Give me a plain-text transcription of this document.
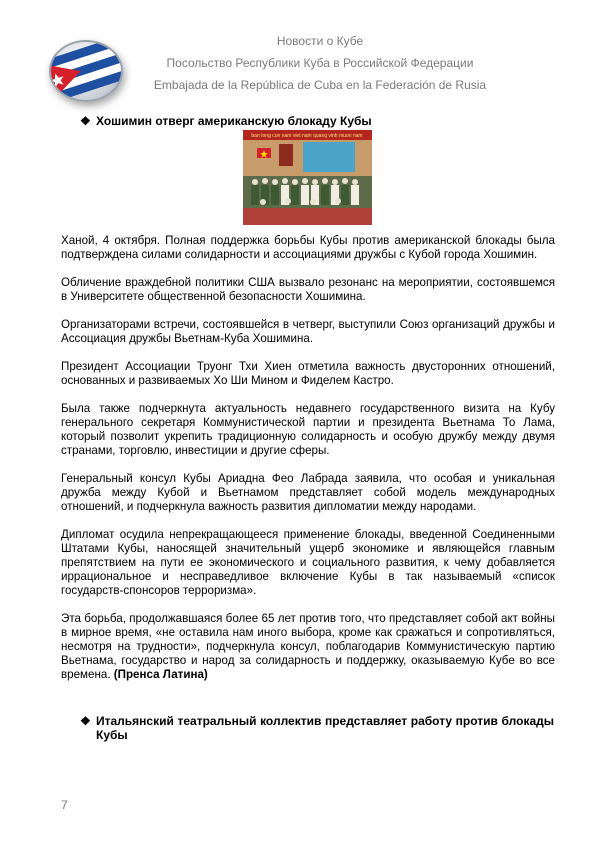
Новости о Кубе
Посольство Республики Куба в Российской Федерации
Embajada de la República de Cuba en la Federación de Rusia
❖ Хошимин отверг американскую блокаду Кубы
ban tong con nam viet nam quang vinh muon nam

Ханой, 4 октября. Полная поддержка борьбы Кубы против американской блокады была подтверждена силами солидарности и ассоциациями дружбы с Кубой города Хошимин.

Обличение враждебной политики США вызвало резонанс на мероприятии, состоявшемся в Университете общественной безопасности Хошимина.

Организаторами встречи, состоявшейся в четверг, выступили Союз организаций дружбы и Ассоциация дружбы Вьетнам-Куба Хошимина.

Президент Ассоциации Труонг Тхи Хиен отметила важность двусторонних отношений, основанных и развиваемых Хо Ши Мином и Фиделем Кастро.

Была также подчеркнута актуальность недавнего государственного визита на Кубу генерального секретаря Коммунистической партии и президента Вьетнама То Лама, который позволит укрепить традиционную солидарность и особую дружбу между двумя странами, торговлю, инвестиции и другие сферы.

Генеральный консул Кубы Ариадна Фео Лабрада заявила, что особая и уникальная дружба между Кубой и Вьетнамом представляет собой модель международных отношений, и подчеркнула важность развития дипломатии между народами.

Дипломат осудила непрекращающееся применение блокады, введенной Соединенными Штатами Кубы, наносящей значительный ущерб экономике и являющейся главным препятствием на пути ее экономического и социального развития, к чему добавляется иррациональное и несправедливое включение Кубы в так называемый «список государств-спонсоров терроризма».

Эта борьба, продолжавшаяся более 65 лет против того, что представляет собой акт войны в мирное время, «не оставила нам иного выбора, кроме как сражаться и сопротивляться, несмотря на трудности», подчеркнула консул, поблагодарив Коммунистическую партию Вьетнама, государство и народ за солидарность и поддержку, оказываемую Кубе во все времена. (Пренса Латина)

❖ Итальянский театральный коллектив представляет работу против блокады Кубы
7
